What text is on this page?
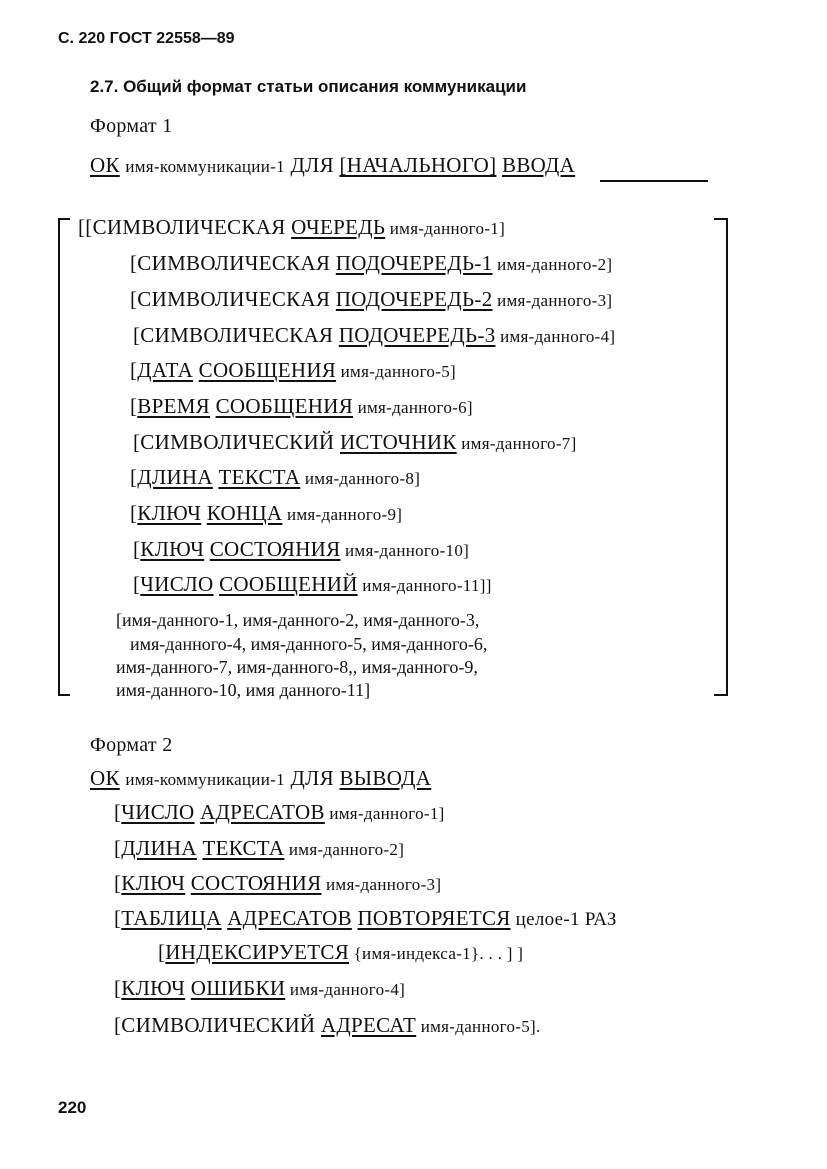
С. 220 ГОСТ 22558—89
2.7. Общий формат статьи описания коммуникации
Формат 1
ОК имя-коммуникации-1 ДЛЯ [НАЧАЛЬНОГО] ВВОДА
[[СИМВОЛИЧЕСКАЯ ОЧЕРЕДЬ имя-данного-1]
[СИМВОЛИЧЕСКАЯ ПОДОЧЕРЕДЬ-1 имя-данного-2]
[СИМВОЛИЧЕСКАЯ ПОДОЧЕРЕДЬ-2 имя-данного-3]
[СИМВОЛИЧЕСКАЯ ПОДОЧЕРЕДЬ-3 имя-данного-4]
[ДАТА СООБЩЕНИЯ имя-данного-5]
[ВРЕМЯ СООБЩЕНИЯ имя-данного-6]
[СИМВОЛИЧЕСКИЙ ИСТОЧНИК имя-данного-7]
[ДЛИНА ТЕКСТА имя-данного-8]
[КЛЮЧ КОНЦА имя-данного-9]
[КЛЮЧ СОСТОЯНИЯ имя-данного-10]
[ЧИСЛО СООБЩЕНИЙ имя-данного-11]]
[имя-данного-1, имя-данного-2, имя-данного-3,
имя-данного-4, имя-данного-5, имя-данного-6,
имя-данного-7, имя-данного-8,, имя-данного-9,
имя-данного-10, имя данного-11]
Формат 2
ОК имя-коммуникации-1 ДЛЯ ВЫВОДА
[ЧИСЛО АДРЕСАТОВ имя-данного-1]
[ДЛИНА ТЕКСТА имя-данного-2]
[КЛЮЧ СОСТОЯНИЯ имя-данного-3]
[ТАБЛИЦА АДРЕСАТОВ ПОВТОРЯЕТСЯ целое-1 РАЗ
[ИНДЕКСИРУЕТСЯ {имя-индекса-1}. . . ] ]
[КЛЮЧ ОШИБКИ имя-данного-4]
[СИМВОЛИЧЕСКИЙ АДРЕСАТ имя-данного-5].
220
